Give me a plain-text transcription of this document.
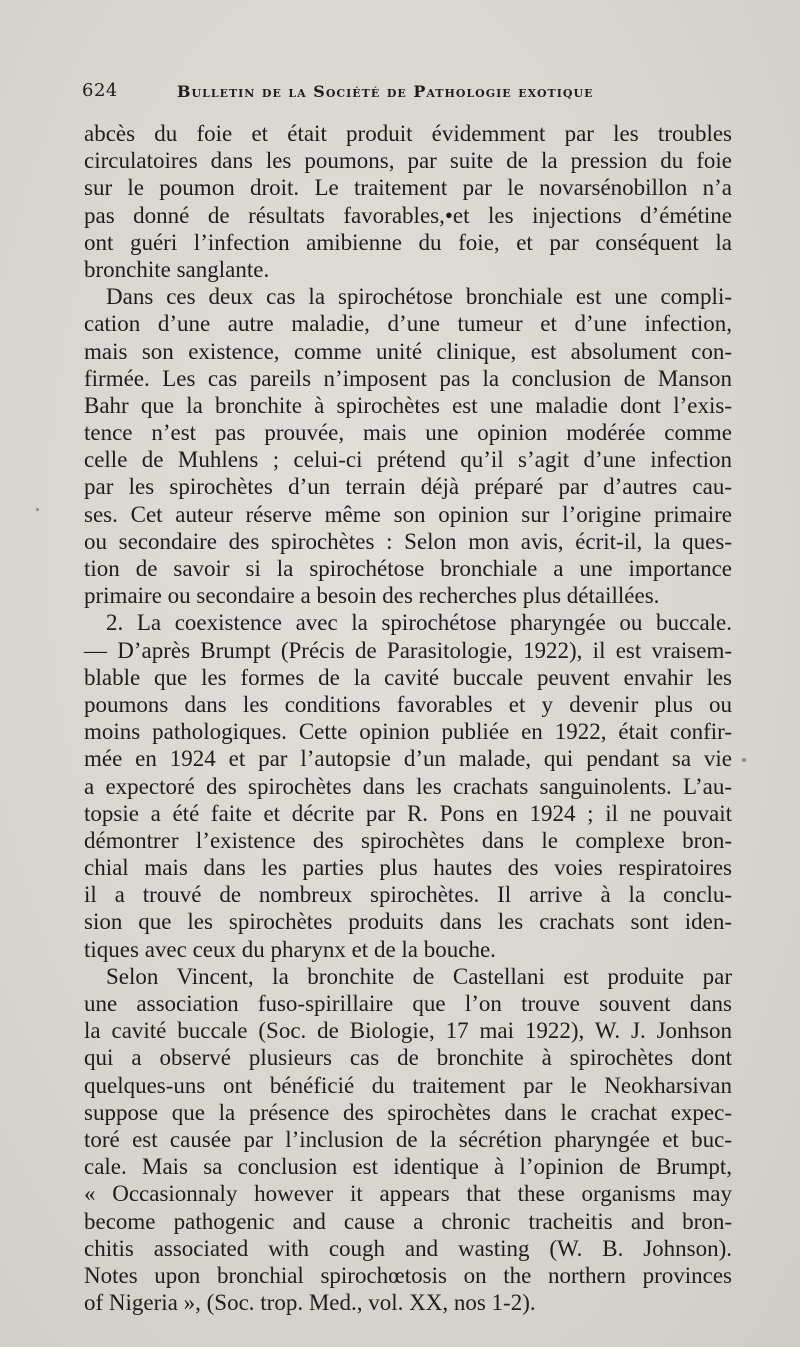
624	Bulletin de la Société de Pathologie exotique
abcès du foie et était produit évidemment par les troubles
circulatoires dans les poumons, par suite de la pression du foie
sur le poumon droit. Le traitement par le novarsénobillon n’a
pas donné de résultats favorables,•et les injections d’émétine
ont guéri l’infection amibienne du foie, et par conséquent la
bronchite sanglante.
Dans ces deux cas la spirochétose bronchiale est une compli-
cation d’une autre maladie, d’une tumeur et d’une infection,
mais son existence, comme unité clinique, est absolument con-
firmée. Les cas pareils n’imposent pas la conclusion de Manson
Bahr que la bronchite à spirochètes est une maladie dont l’exis-
tence n’est pas prouvée, mais une opinion modérée comme
celle de Muhlens ; celui-ci prétend qu’il s’agit d’une infection
par les spirochètes d’un terrain déjà préparé par d’autres cau-
ses. Cet auteur réserve même son opinion sur l’origine primaire
ou secondaire des spirochètes : Selon mon avis, écrit-il, la ques-
tion de savoir si la spirochétose bronchiale a une importance
primaire ou secondaire a besoin des recherches plus détaillées.
2. La coexistence avec la spirochétose pharyngée ou buccale.
— D’après Brumpt (Précis de Parasitologie, 1922), il est vraisem-
blable que les formes de la cavité buccale peuvent envahir les
poumons dans les conditions favorables et y devenir plus ou
moins pathologiques. Cette opinion publiée en 1922, était confir-
mée en 1924 et par l’autopsie d’un malade, qui pendant sa vie
a expectoré des spirochètes dans les crachats sanguinolents. L’au-
topsie a été faite et décrite par R. Pons en 1924 ; il ne pouvait
démontrer l’existence des spirochètes dans le complexe bron-
chial mais dans les parties plus hautes des voies respiratoires
il a trouvé de nombreux spirochètes. Il arrive à la conclu-
sion que les spirochètes produits dans les crachats sont iden-
tiques avec ceux du pharynx et de la bouche.
Selon Vincent, la bronchite de Castellani est produite par
une association fuso-spirillaire que l’on trouve souvent dans
la cavité buccale (Soc. de Biologie, 17 mai 1922), W. J. Jonhson
qui a observé plusieurs cas de bronchite à spirochètes dont
quelques-uns ont bénéficié du traitement par le Neokharsivan
suppose que la présence des spirochètes dans le crachat expec-
toré est causée par l’inclusion de la sécrétion pharyngée et buc-
cale. Mais sa conclusion est identique à l’opinion de Brumpt,
« Occasionnaly however it appears that these organisms may
become pathogenic and cause a chronic tracheitis and bron-
chitis associated with cough and wasting (W. B. Johnson).
Notes upon bronchial spirochœtosis on the northern provinces
of Nigeria », (Soc. trop. Med., vol. XX, nos 1-2).
